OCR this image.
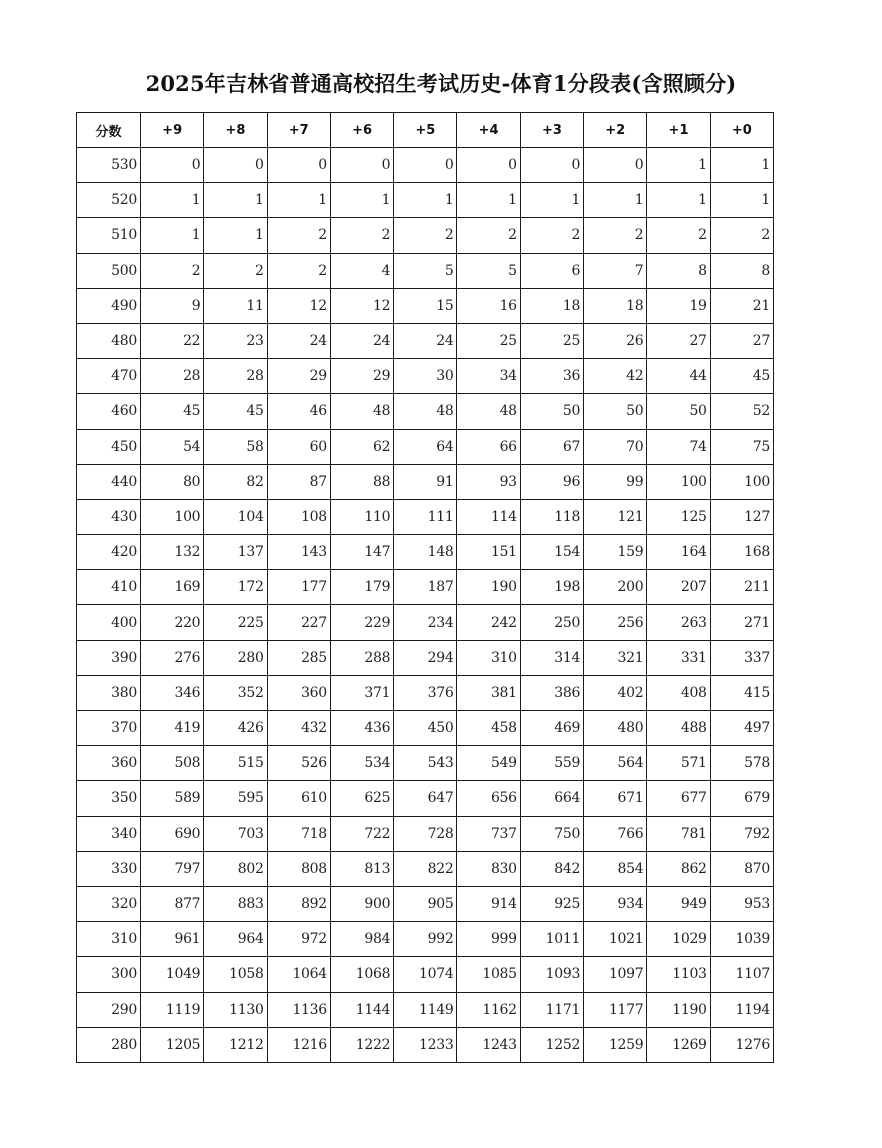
2025年吉林省普通高校招生考试历史-体育1分段表(含照顾分)
分数	+9	+8	+7	+6	+5	+4	+3	+2	+1	+0
530	0	0	0	0	0	0	0	0	1	1
520	1	1	1	1	1	1	1	1	1	1
510	1	1	2	2	2	2	2	2	2	2
500	2	2	2	4	5	5	6	7	8	8
490	9	11	12	12	15	16	18	18	19	21
480	22	23	24	24	24	25	25	26	27	27
470	28	28	29	29	30	34	36	42	44	45
460	45	45	46	48	48	48	50	50	50	52
450	54	58	60	62	64	66	67	70	74	75
440	80	82	87	88	91	93	96	99	100	100
430	100	104	108	110	111	114	118	121	125	127
420	132	137	143	147	148	151	154	159	164	168
410	169	172	177	179	187	190	198	200	207	211
400	220	225	227	229	234	242	250	256	263	271
390	276	280	285	288	294	310	314	321	331	337
380	346	352	360	371	376	381	386	402	408	415
370	419	426	432	436	450	458	469	480	488	497
360	508	515	526	534	543	549	559	564	571	578
350	589	595	610	625	647	656	664	671	677	679
340	690	703	718	722	728	737	750	766	781	792
330	797	802	808	813	822	830	842	854	862	870
320	877	883	892	900	905	914	925	934	949	953
310	961	964	972	984	992	999	1011	1021	1029	1039
300	1049	1058	1064	1068	1074	1085	1093	1097	1103	1107
290	1119	1130	1136	1144	1149	1162	1171	1177	1190	1194
280	1205	1212	1216	1222	1233	1243	1252	1259	1269	1276
